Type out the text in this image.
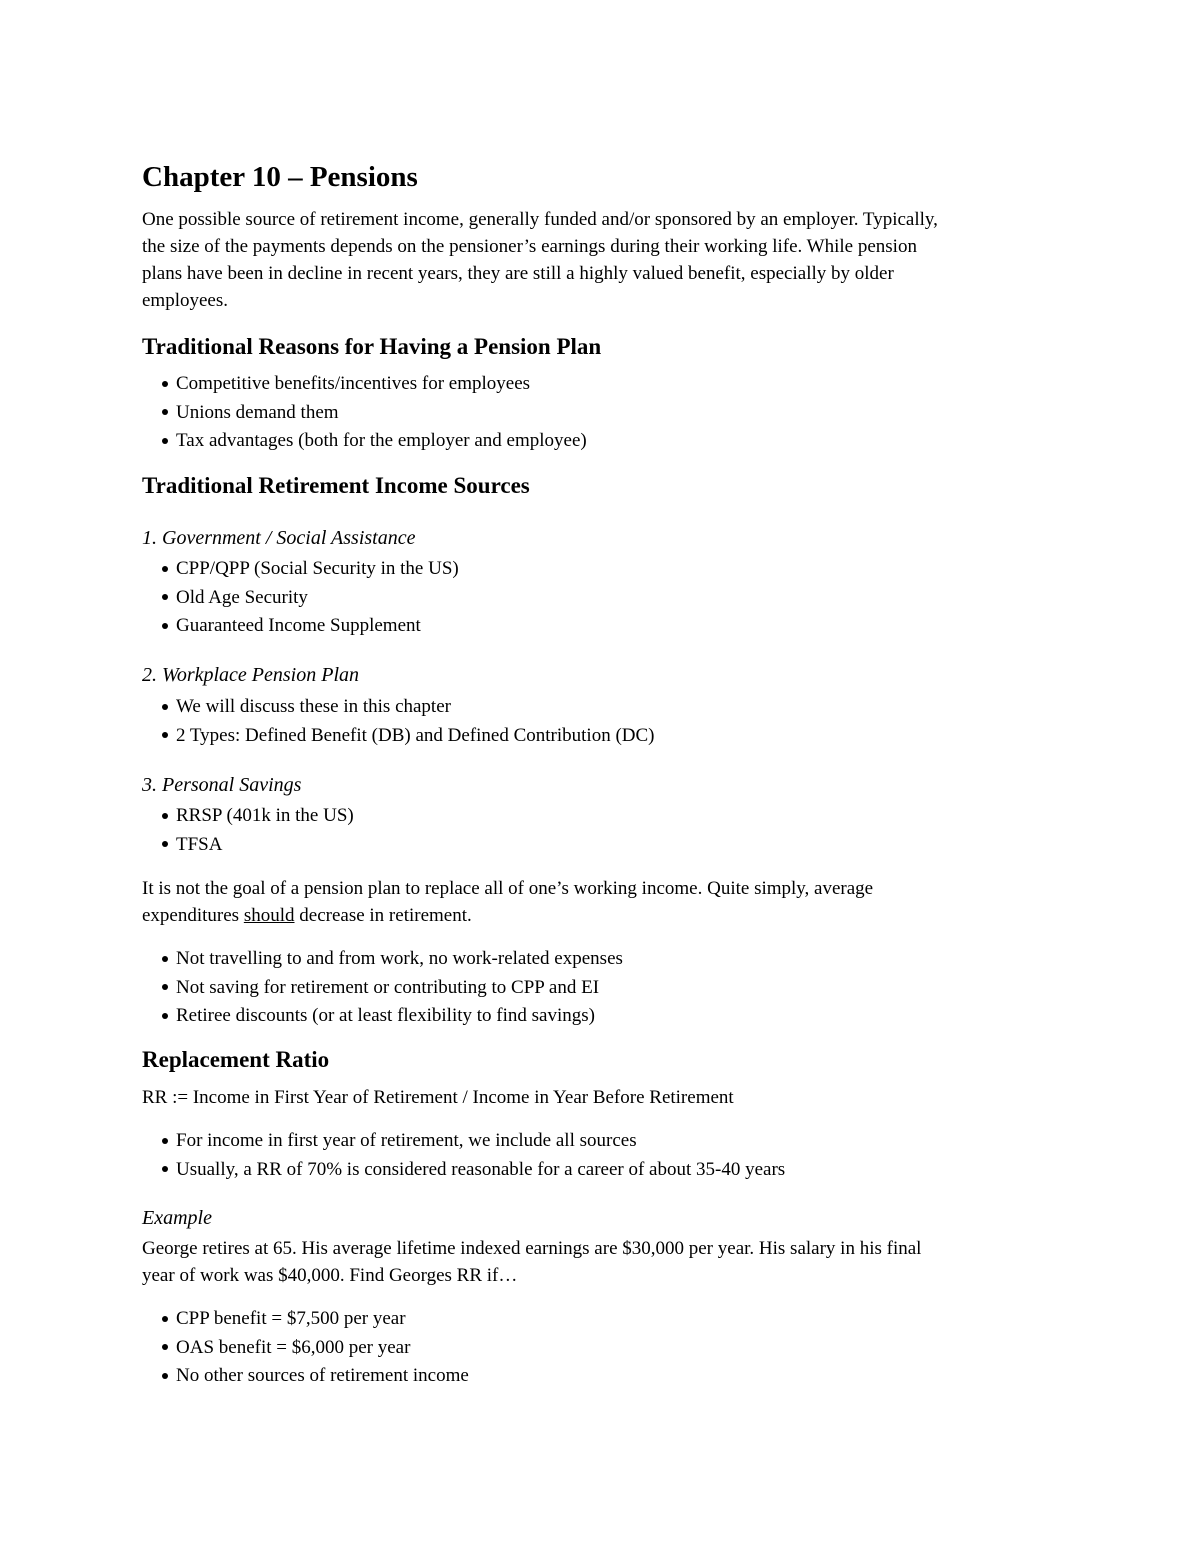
Chapter 10 – Pensions
One possible source of retirement income, generally funded and/or sponsored by an employer. Typically,
the size of the payments depends on the pensioner’s earnings during their working life. While pension
plans have been in decline in recent years, they are still a highly valued benefit, especially by older
employees.
Traditional Reasons for Having a Pension Plan
Competitive benefits/incentives for employees
Unions demand them
Tax advantages (both for the employer and employee)
Traditional Retirement Income Sources
1. Government / Social Assistance
CPP/QPP (Social Security in the US)
Old Age Security
Guaranteed Income Supplement
2. Workplace Pension Plan
We will discuss these in this chapter
2 Types: Defined Benefit (DB) and Defined Contribution (DC)
3. Personal Savings
RRSP (401k in the US)
TFSA
It is not the goal of a pension plan to replace all of one’s working income. Quite simply, average
expenditures should decrease in retirement.
Not travelling to and from work, no work-related expenses
Not saving for retirement or contributing to CPP and EI
Retiree discounts (or at least flexibility to find savings)
Replacement Ratio

RR := Income in First Year of Retirement / Income in Year Before Retirement

For income in first year of retirement, we include all sources
Usually, a RR of 70% is considered reasonable for a career of about 35-40 years
Example
George retires at 65. His average lifetime indexed earnings are $30,000 per year. His salary in his final
year of work was $40,000. Find Georges RR if…
CPP benefit = $7,500 per year
OAS benefit = $6,000 per year
No other sources of retirement income
